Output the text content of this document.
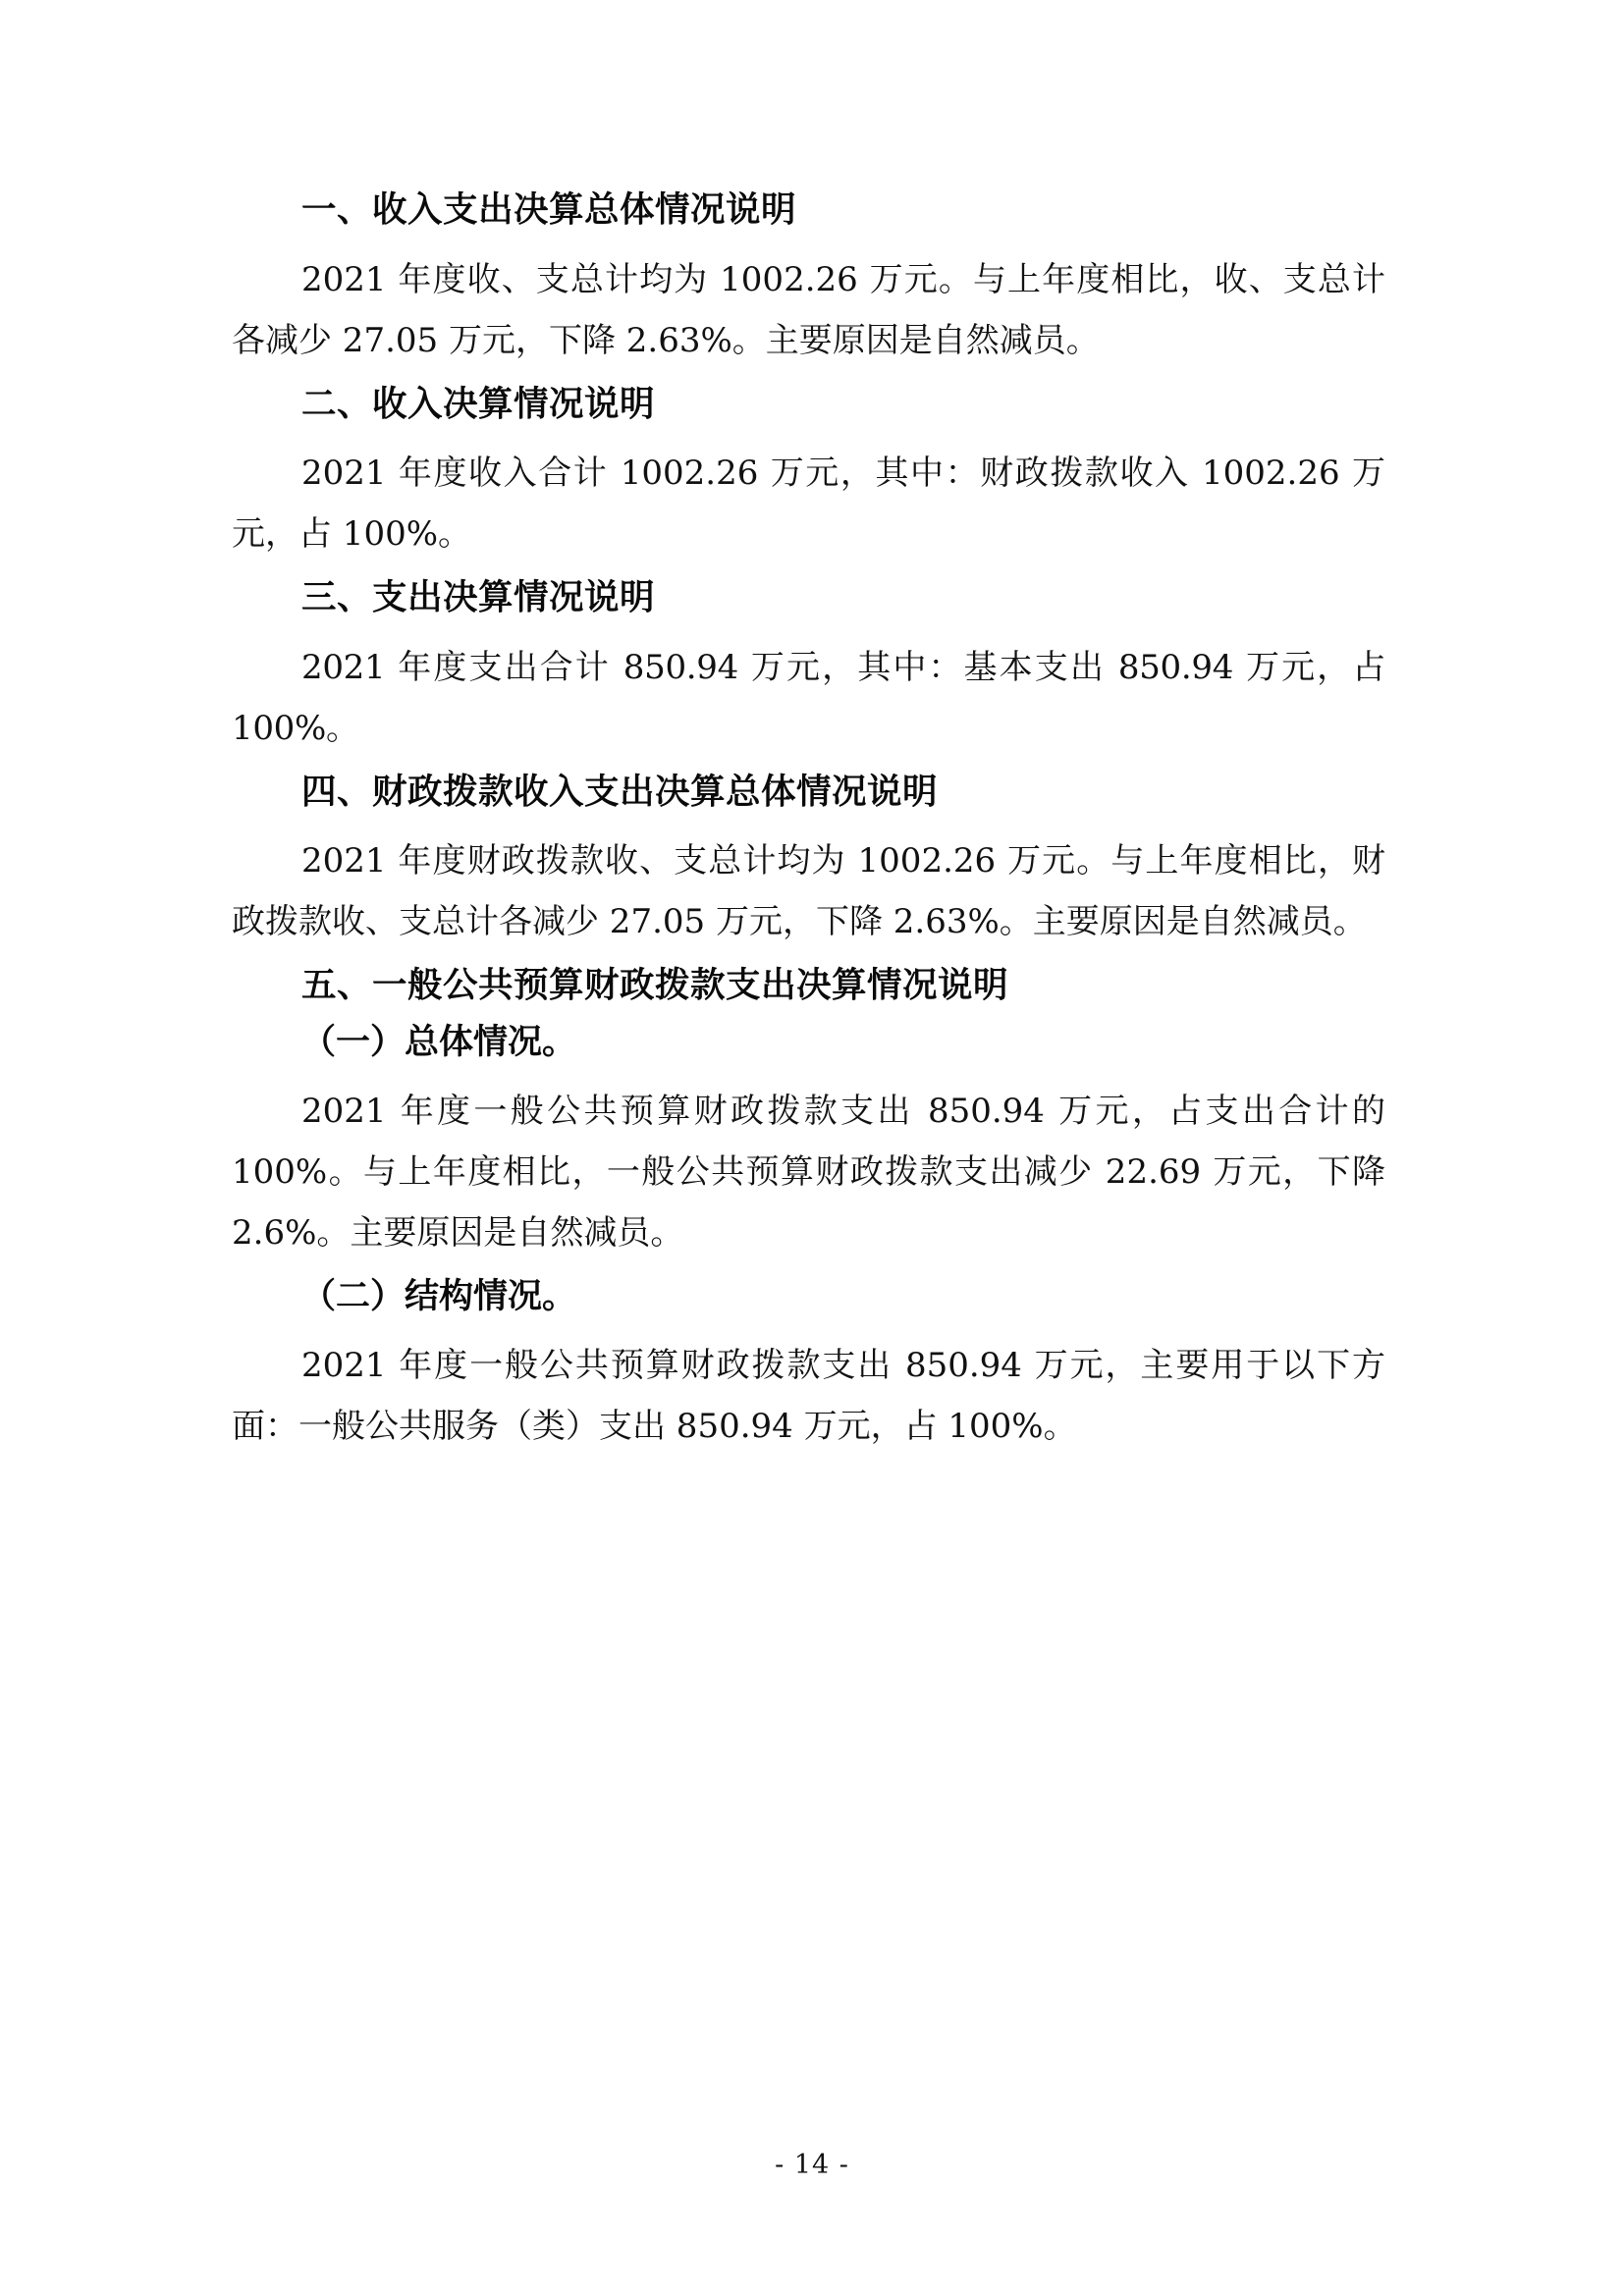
一、收入支出决算总体情况说明

2021 年度收、支总计均为 1002.26 万元。与上年度相比，收、支总计各减少 27.05 万元，下降 2.63%。主要原因是自然减员。

二、收入决算情况说明

2021 年度收入合计 1002.26 万元，其中：财政拨款收入 1002.26 万元，占 100%。

三、支出决算情况说明

2021 年度支出合计 850.94 万元，其中：基本支出 850.94 万元，占 100%。

四、财政拨款收入支出决算总体情况说明

2021 年度财政拨款收、支总计均为 1002.26 万元。与上年度相比，财政拨款收、支总计各减少 27.05 万元，下降 2.63%。主要原因是自然减员。

五、一般公共预算财政拨款支出决算情况说明
（一）总体情况。

2021 年度一般公共预算财政拨款支出 850.94 万元，占支出合计的 100%。与上年度相比，一般公共预算财政拨款支出减少 22.69 万元，下降 2.6%。主要原因是自然减员。

（二）结构情况。

2021 年度一般公共预算财政拨款支出 850.94 万元，主要用于以下方面：一般公共服务（类）支出 850.94 万元，占 100%。

- 14 -
